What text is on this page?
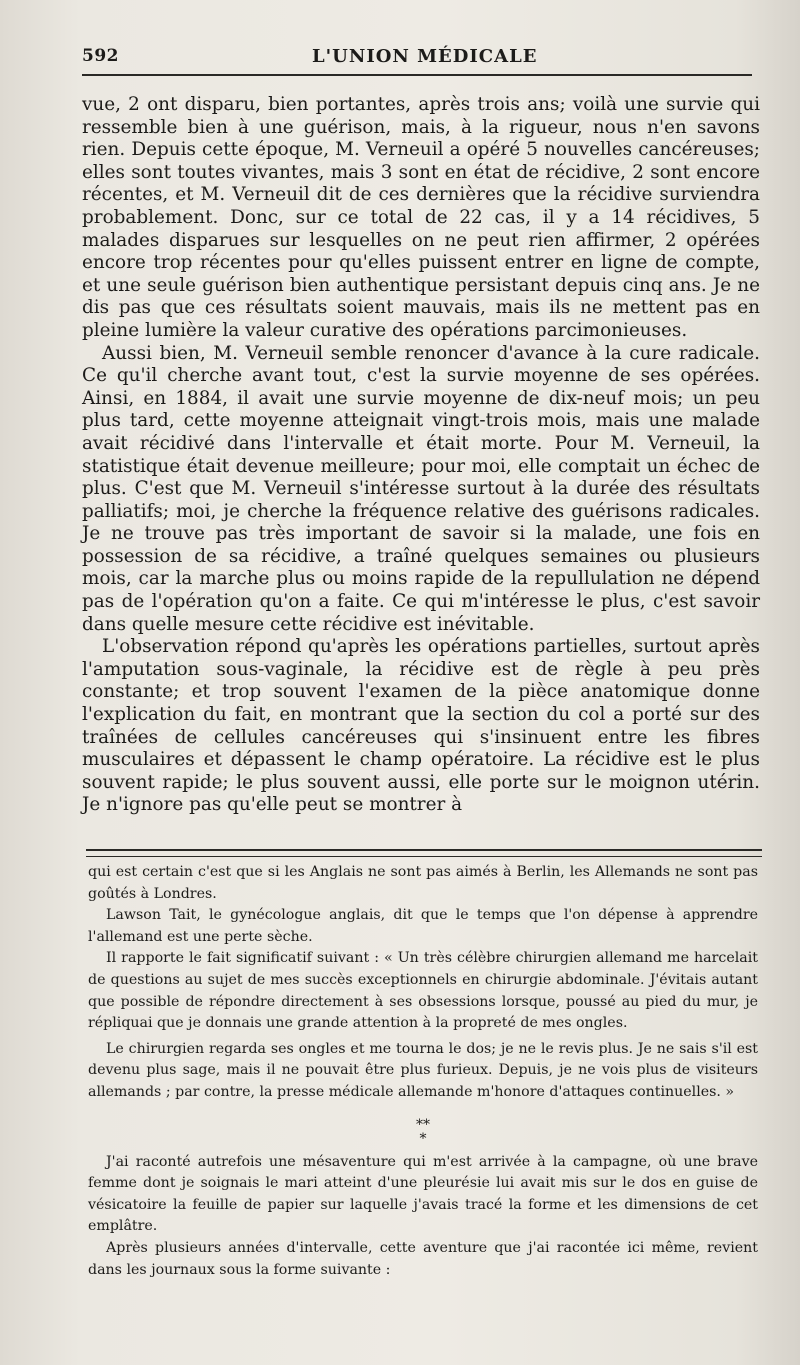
592	L'UNION MÉDICALE

vue, 2 ont disparu, bien portantes, après trois ans; voilà une survie qui ressemble bien à une guérison, mais, à la rigueur, nous n'en savons rien. Depuis cette époque, M. Verneuil a opéré 5 nouvelles cancéreuses; elles sont toutes vivantes, mais 3 sont en état de récidive, 2 sont encore récentes, et M. Verneuil dit de ces dernières que la récidive surviendra probablement. Donc, sur ce total de 22 cas, il y a 14 récidives, 5 malades disparues sur lesquelles on ne peut rien affirmer, 2 opérées encore trop récentes pour qu'elles puissent entrer en ligne de compte, et une seule guérison bien authentique persistant depuis cinq ans. Je ne dis pas que ces résultats soient mauvais, mais ils ne mettent pas en pleine lumière la valeur curative des opérations parcimonieuses.

Aussi bien, M. Verneuil semble renoncer d'avance à la cure radicale. Ce qu'il cherche avant tout, c'est la survie moyenne de ses opérées. Ainsi, en 1884, il avait une survie moyenne de dix-neuf mois; un peu plus tard, cette moyenne atteignait vingt-trois mois, mais une malade avait récidivé dans l'intervalle et était morte. Pour M. Verneuil, la statistique était devenue meilleure; pour moi, elle comptait un échec de plus. C'est que M. Verneuil s'intéresse surtout à la durée des résultats palliatifs; moi, je cherche la fréquence relative des guérisons radicales. Je ne trouve pas très important de savoir si la malade, une fois en possession de sa récidive, a traîné quelques semaines ou plusieurs mois, car la marche plus ou moins rapide de la repullulation ne dépend pas de l'opération qu'on a faite. Ce qui m'intéresse le plus, c'est savoir dans quelle mesure cette récidive est inévitable.

L'observation répond qu'après les opérations partielles, surtout après l'amputation sous-vaginale, la récidive est de règle à peu près constante; et trop souvent l'examen de la pièce anatomique donne l'explication du fait, en montrant que la section du col a porté sur des traînées de cellules cancéreuses qui s'insinuent entre les fibres musculaires et dépassent le champ opératoire. La récidive est le plus souvent rapide; le plus souvent aussi, elle porte sur le moignon utérin. Je n'ignore pas qu'elle peut se montrer à

qui est certain c'est que si les Anglais ne sont pas aimés à Berlin, les Allemands ne sont pas goûtés à Londres.

Lawson Tait, le gynécologue anglais, dit que le temps que l'on dépense à apprendre l'allemand est une perte sèche.

Il rapporte le fait significatif suivant : « Un très célèbre chirurgien allemand me harcelait de questions au sujet de mes succès exceptionnels en chirurgie abdominale. J'évitais autant que possible de répondre directement à ses obsessions lorsque, poussé au pied du mur, je répliquai que je donnais une grande attention à la propreté de mes ongles.

Le chirurgien regarda ses ongles et me tourna le dos; je ne le revis plus. Je ne sais s'il est devenu plus sage, mais il ne pouvait être plus furieux. Depuis, je ne vois plus de visiteurs allemands ; par contre, la presse médicale allemande m'honore d'attaques continuelles. »

**
*

J'ai raconté autrefois une mésaventure qui m'est arrivée à la campagne, où une brave femme dont je soignais le mari atteint d'une pleurésie lui avait mis sur le dos en guise de vésicatoire la feuille de papier sur laquelle j'avais tracé la forme et les dimensions de cet emplâtre.

Après plusieurs années d'intervalle, cette aventure que j'ai racontée ici même, revient dans les journaux sous la forme suivante :
